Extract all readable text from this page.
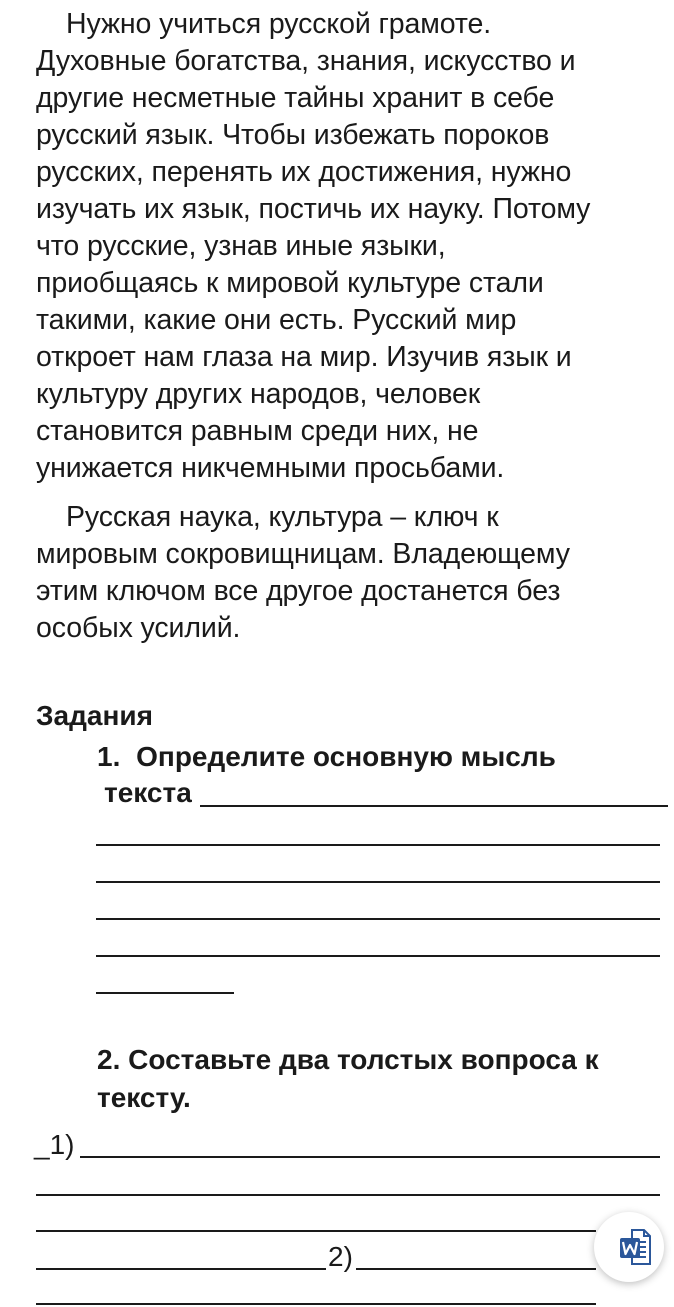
Нужно учиться русской грамоте.
Духовные богатства, знания, искусство и
другие несметные тайны хранит в себе
русский язык. Чтобы избежать пороков
русских, перенять их достижения, нужно
изучать их язык, постичь их науку. Потому
что русские, узнав иные языки,
приобщаясь к мировой культуре стали
такими, какие они есть. Русский мир
откроет нам глаза на мир. Изучив язык и
культуру других народов, человек
становится равным среди них, не
унижается никчемными просьбами.

Русская наука, культура – ключ к
мировым сокровищницам. Владеющему
этим ключом все другое достанется без
особых усилий.

Задания

1. Определите основную мысль
текста
2. Составьте два толстых вопроса к
тексту.
_1)
2)
